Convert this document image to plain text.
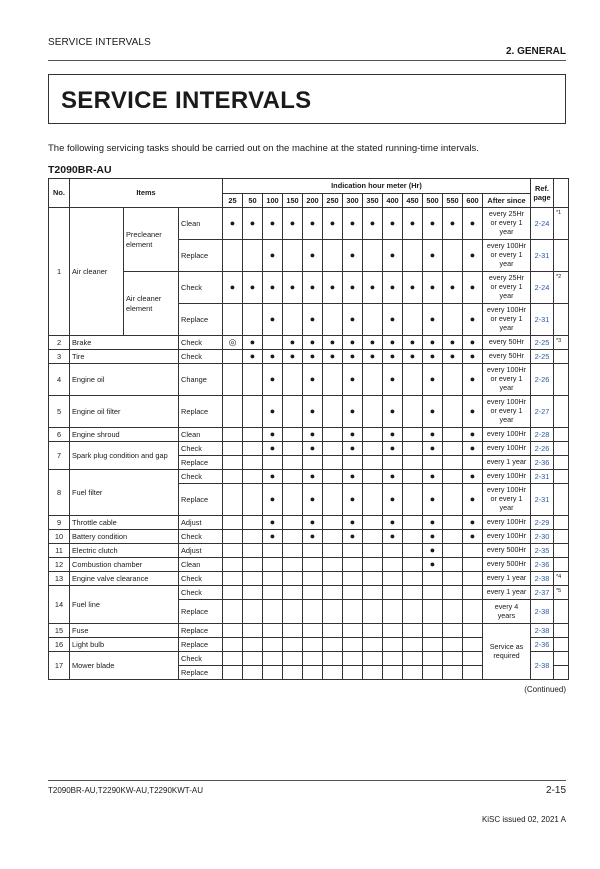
SERVICE INTERVALS
2. GENERAL
SERVICE INTERVALS
The following servicing tasks should be carried out on the machine at the stated running-time intervals.
T2090BR-AU
No.	Items			Indication hour meter (Hr)														Ref. page	
				25	50	100	150	200	250	300	350	400	450	500	550	600	After since		
1	Air cleaner	Precleaner element	Clean	●	●	●	●	●	●	●	●	●	●	●	●	●	every 25Hr or every 1 year	2-24	*1
			Replace			●		●		●		●		●		●	every 100Hr or every 1 year	2-31	
		Air cleaner element	Check	●	●	●	●	●	●	●	●	●	●	●	●	●	every 25Hr or every 1 year	2-24	*2
			Replace			●		●		●		●		●		●	every 100Hr or every 1 year	2-31	
2	Brake		Check	◎	●		●	●	●	●	●	●	●	●	●	●	every 50Hr	2-25	*3
3	Tire		Check		●	●	●	●	●	●	●	●	●	●	●	●	every 50Hr	2-25	
4	Engine oil		Change			●		●		●		●		●		●	every 100Hr or every 1 year	2-26	
5	Engine oil filter		Replace			●		●		●		●		●		●	every 100Hr or every 1 year	2-27	
6	Engine shroud		Clean			●		●		●		●		●		●	every 100Hr	2-28	
7	Spark plug condition and gap		Check			●		●		●		●		●		●	every 100Hr	2-26	
			Replace														every 1 year	2-36	
8	Fuel filter		Check			●		●		●		●		●		●	every 100Hr	2-31	
			Replace			●		●		●		●		●		●	every 100Hr or every 1 year	2-31	
9	Throttle cable		Adjust			●		●		●		●		●		●	every 100Hr	2-29	
10	Battery condition		Check			●		●		●		●		●		●	every 100Hr	2-30	
11	Electric clutch		Adjust											●			every 500Hr	2-35	
12	Combustion chamber		Clean											●			every 500Hr	2-36	
13	Engine valve clearance		Check														every 1 year	2-38	*4
14	Fuel line		Check														every 1 year	2-37	*5
			Replace														every 4 years	2-38	
15	Fuse		Replace														Service as required	2-38	
16	Light bulb		Replace															2-36	
17	Mower blade		Check															2-38	
			Replace																
(Continued)
T2090BR-AU,T2290KW-AU,T2290KWT-AU	2-15
KiSC issued 02, 2021 A
